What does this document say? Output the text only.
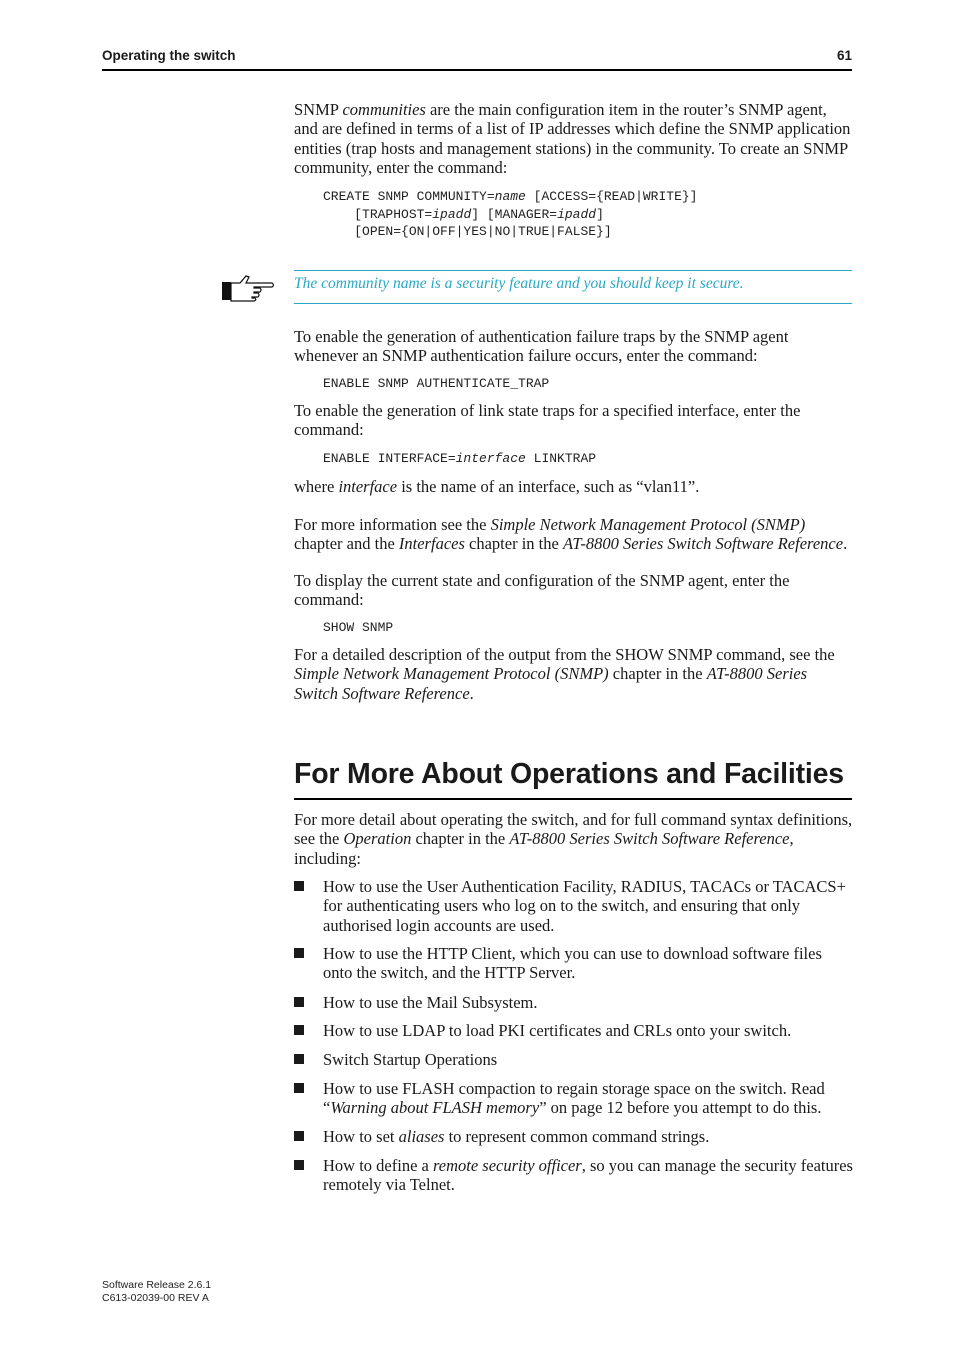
Operating the switch	61

SNMP communities are the main configuration item in the router’s SNMP agent, and are defined in terms of a list of IP addresses which define the SNMP application entities (trap hosts and management stations) in the community. To create an SNMP community, enter the command:

CREATE SNMP COMMUNITY=name [ACCESS={READ|WRITE}]
[TRAPHOST=ipadd] [MANAGER=ipadd]
[OPEN={ON|OFF|YES|NO|TRUE|FALSE}]
The community name is a security feature and you should keep it secure.

To enable the generation of authentication failure traps by the SNMP agent whenever an SNMP authentication failure occurs, enter the command:

ENABLE SNMP AUTHENTICATE_TRAP

To enable the generation of link state traps for a specified interface, enter the command:

ENABLE INTERFACE=interface LINKTRAP

where interface is the name of an interface, such as “vlan11”.

For more information see the Simple Network Management Protocol (SNMP)
chapter and the Interfaces chapter in the AT-8800 Series Switch Software Reference.

To display the current state and configuration of the SNMP agent, enter the command:

SHOW SNMP

For a detailed description of the output from the SHOW SNMP command, see the Simple Network Management Protocol (SNMP) chapter in the AT-8800 Series Switch Software Reference.

For More About Operations and Facilities

For more detail about operating the switch, and for full command syntax definitions, see the Operation chapter in the AT-8800 Series Switch Software Reference, including:

How to use the User Authentication Facility, RADIUS, TACACs or TACACS+ for authenticating users who log on to the switch, and ensuring that only authorised login accounts are used.
How to use the HTTP Client, which you can use to download software files onto the switch, and the HTTP Server.
How to use the Mail Subsystem.
How to use LDAP to load PKI certificates and CRLs onto your switch.
Switch Startup Operations
How to use FLASH compaction to regain storage space on the switch. Read “Warning about FLASH memory” on page 12 before you attempt to do this.
How to set aliases to represent common command strings.
How to define a remote security officer, so you can manage the security features remotely via Telnet.
Software Release 2.6.1
C613-02039-00 REV A
